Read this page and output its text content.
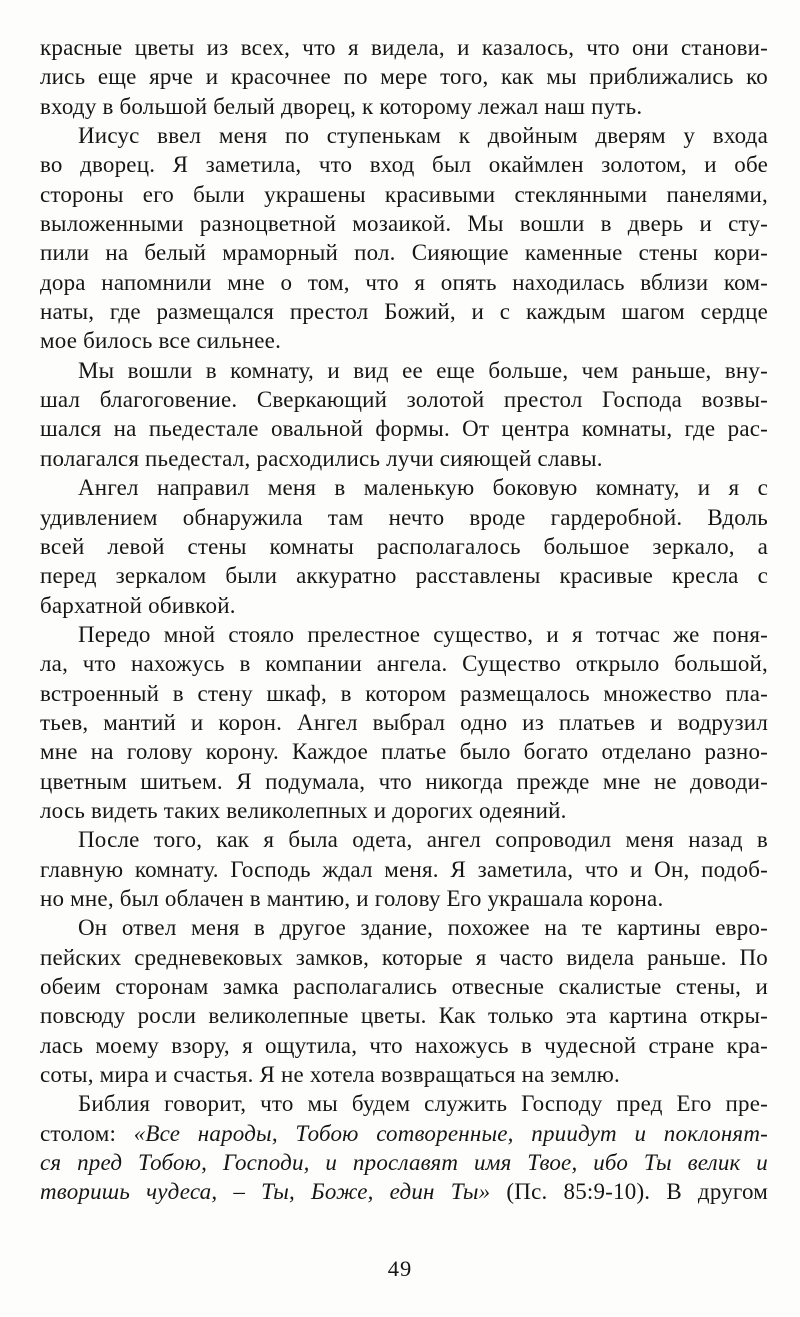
красные цветы из всех, что я видела, и казалось, что они станови-
лись еще ярче и красочнее по мере того, как мы приближались ко
входу в большой белый дворец, к которому лежал наш путь.
Иисус ввел меня по ступенькам к двойным дверям у входа
во дворец. Я заметила, что вход был окаймлен золотом, и обе
стороны его были украшены красивыми стеклянными панелями,
выложенными разноцветной мозаикой. Мы вошли в дверь и сту-
пили на белый мраморный пол. Сияющие каменные стены кори-
дора напомнили мне о том, что я опять находилась вблизи ком-
наты, где размещался престол Божий, и с каждым шагом сердце
мое билось все сильнее.
Мы вошли в комнату, и вид ее еще больше, чем раньше, вну-
шал благоговение. Сверкающий золотой престол Господа возвы-
шался на пьедестале овальной формы. От центра комнаты, где рас-
полагался пьедестал, расходились лучи сияющей славы.
Ангел направил меня в маленькую боковую комнату, и я с
удивлением обнаружила там нечто вроде гардеробной. Вдоль
всей левой стены комнаты располагалось большое зеркало, а
перед зеркалом были аккуратно расставлены красивые кресла с
бархатной обивкой.
Передо мной стояло прелестное существо, и я тотчас же поня-
ла, что нахожусь в компании ангела. Существо открыло большой,
встроенный в стену шкаф, в котором размещалось множество пла-
тьев, мантий и корон. Ангел выбрал одно из платьев и водрузил
мне на голову корону. Каждое платье было богато отделано разно-
цветным шитьем. Я подумала, что никогда прежде мне не доводи-
лось видеть таких великолепных и дорогих одеяний.
После того, как я была одета, ангел сопроводил меня назад в
главную комнату. Господь ждал меня. Я заметила, что и Он, подоб-
но мне, был облачен в мантию, и голову Его украшала корона.
Он отвел меня в другое здание, похожее на те картины евро-
пейских средневековых замков, которые я часто видела раньше. По
обеим сторонам замка располагались отвесные скалистые стены, и
повсюду росли великолепные цветы. Как только эта картина откры-
лась моему взору, я ощутила, что нахожусь в чудесной стране кра-
соты, мира и счастья. Я не хотела возвращаться на землю.
Библия говорит, что мы будем служить Господу пред Его пре-
столом: «Все народы, Тобою сотворенные, приидут и поклонят-
ся пред Тобою, Господи, и прославят имя Твое, ибо Ты велик и
творишь чудеса, – Ты, Боже, един Ты» (Пс. 85:9-10). В другом
49
